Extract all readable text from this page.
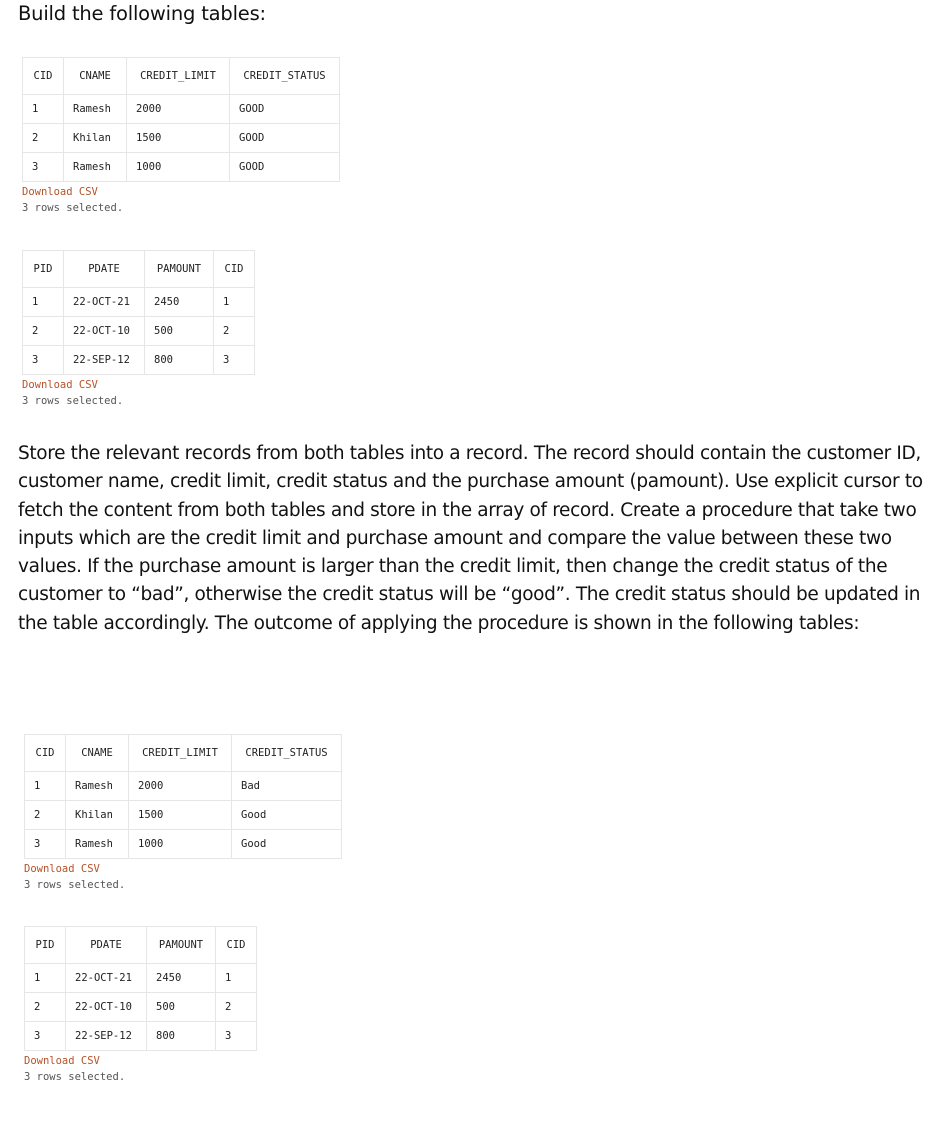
Build the following tables:
CID	CNAME	CREDIT_LIMIT	CREDIT_STATUS
1	Ramesh	2000	GOOD
2	Khilan	1500	GOOD
3	Ramesh	1000	GOOD
Download CSV
3 rows selected.
PID	PDATE	PAMOUNT	CID
1	22-OCT-21	2450	1
2	22-OCT-10	500	2
3	22-SEP-12	800	3
Download CSV
3 rows selected.

Store the relevant records from both tables into a record. The record should contain the customer ID, customer name, credit limit, credit status and the purchase amount (pamount). Use explicit cursor to fetch the content from both tables and store in the array of record. Create a procedure that take two inputs which are the credit limit and purchase amount and compare the value between these two values. If the purchase amount is larger than the credit limit, then change the credit status of the customer to “bad”, otherwise the credit status will be “good”. The credit status should be updated in the table accordingly. The outcome of applying the procedure is shown in the following tables:

CID	CNAME	CREDIT_LIMIT	CREDIT_STATUS
1	Ramesh	2000	Bad
2	Khilan	1500	Good
3	Ramesh	1000	Good
Download CSV
3 rows selected.
PID	PDATE	PAMOUNT	CID
1	22-OCT-21	2450	1
2	22-OCT-10	500	2
3	22-SEP-12	800	3
Download CSV
3 rows selected.
